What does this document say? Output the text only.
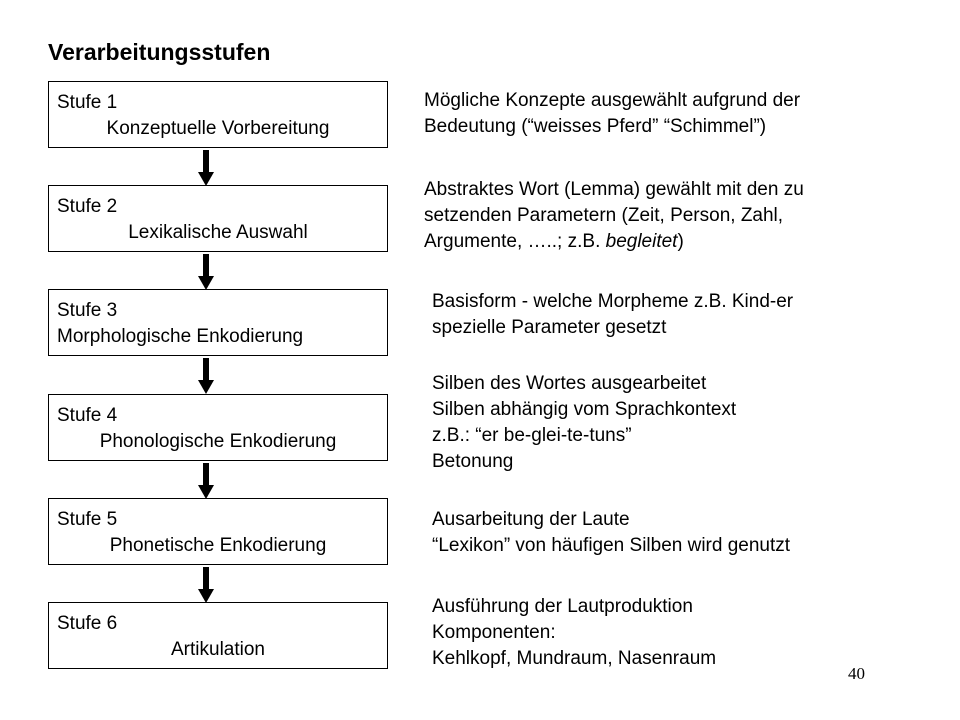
Verarbeitungsstufen
Stufe 1
Konzeptuelle Vorbereitung
Stufe 2
Lexikalische Auswahl
Stufe 3
Morphologische Enkodierung
Stufe 4
Phonologische Enkodierung
Stufe 5
Phonetische Enkodierung
Stufe 6
Artikulation
Mögliche Konzepte ausgewählt aufgrund der
Bedeutung (“weisses Pferd” “Schimmel”)
Abstraktes Wort (Lemma) gewählt mit den zu
setzenden Parametern (Zeit, Person, Zahl,
Argumente, …..; z.B. begleitet)
Basisform - welche Morpheme z.B. Kind-er
spezielle Parameter gesetzt
Silben des Wortes ausgearbeitet
Silben abhängig vom Sprachkontext
z.B.: “er be-glei-te-tuns”
Betonung
Ausarbeitung der Laute
“Lexikon” von häufigen Silben wird genutzt
Ausführung der Lautproduktion
Komponenten:
Kehlkopf, Mundraum, Nasenraum
40
